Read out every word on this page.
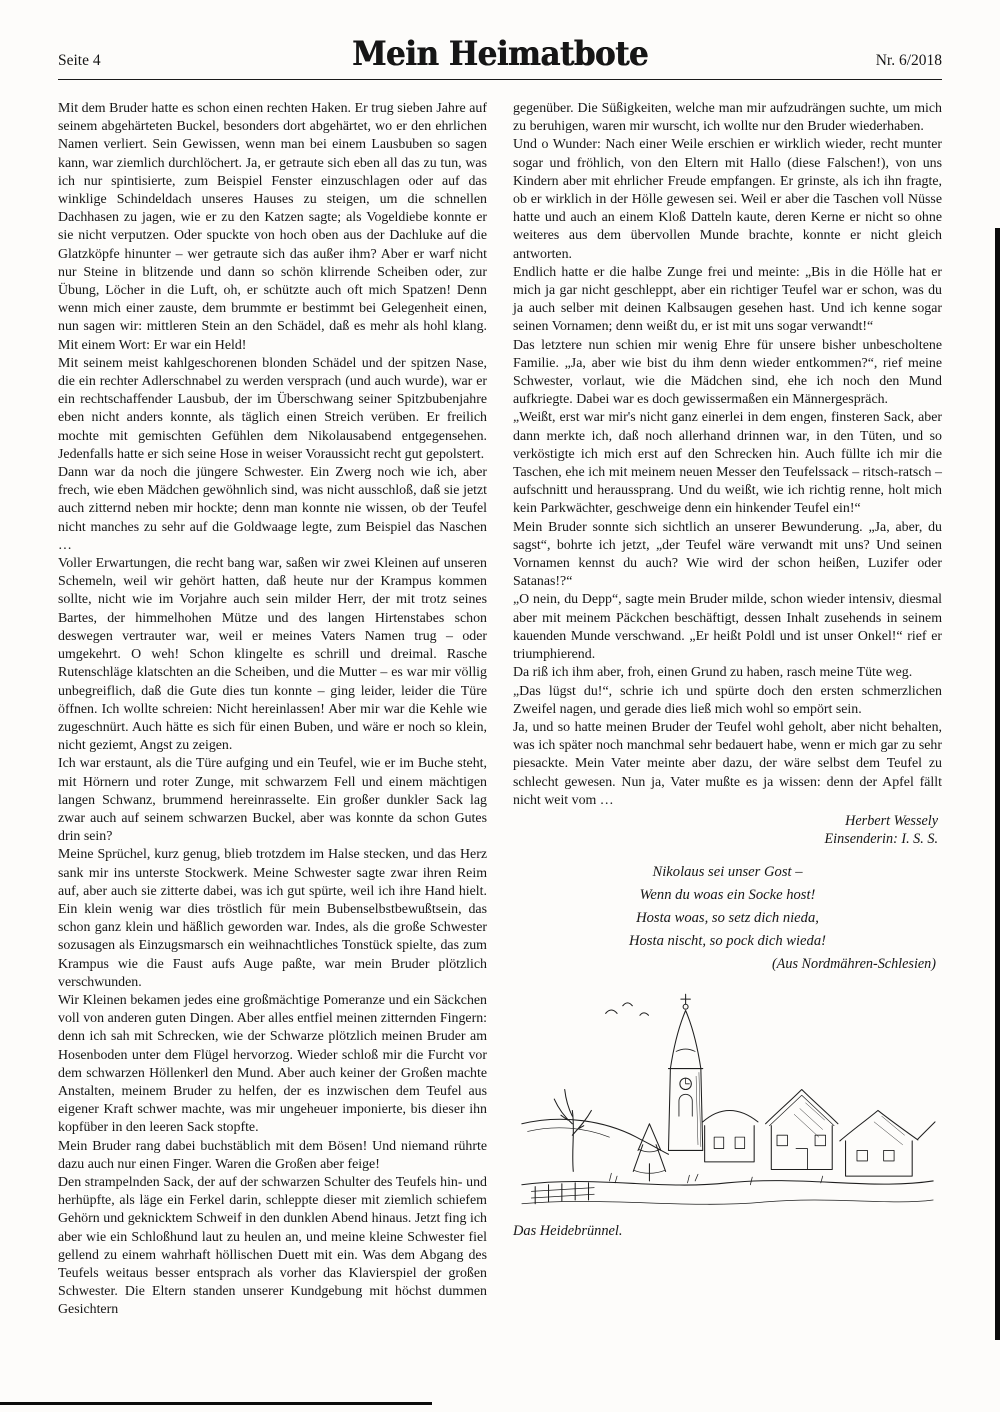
Seite 4	Mein Heimatbote	Nr. 6/2018

Mit dem Bruder hatte es schon einen rechten Haken. Er trug sieben Jahre auf seinem abgehärteten Buckel, besonders dort abgehärtet, wo er den ehrlichen Namen verliert. Sein Gewissen, wenn man bei einem Lausbuben so sagen kann, war ziemlich durchlöchert. Ja, er getraute sich eben all das zu tun, was ich nur spintisierte, zum Beispiel Fenster einzuschlagen oder auf das winklige Schindeldach unseres Hauses zu steigen, um die schnellen Dachhasen zu jagen, wie er zu den Katzen sagte; als Vogeldiebe konnte er sie nicht verputzen. Oder spuckte von hoch oben aus der Dachluke auf die Glatzköpfe hinunter – wer getraute sich das außer ihm? Aber er warf nicht nur Steine in blitzende und dann so schön klirrende Scheiben oder, zur Übung, Löcher in die Luft, oh, er schützte auch oft mich Spatzen! Denn wenn mich einer zauste, dem brummte er bestimmt bei Gelegenheit einen, nun sagen wir: mittleren Stein an den Schädel, daß es mehr als hohl klang. Mit einem Wort: Er war ein Held!

Mit seinem meist kahlgeschorenen blonden Schädel und der spitzen Nase, die ein rechter Adlerschnabel zu werden versprach (und auch wurde), war er ein rechtschaffender Lausbub, der im Überschwang seiner Spitzbubenjahre eben nicht anders konnte, als täglich einen Streich verüben. Er freilich mochte mit gemischten Gefühlen dem Nikolausabend entgegensehen. Jedenfalls hatte er sich seine Hose in weiser Voraussicht recht gut gepolstert.

Dann war da noch die jüngere Schwester. Ein Zwerg noch wie ich, aber frech, wie eben Mädchen gewöhnlich sind, was nicht ausschloß, daß sie jetzt auch zitternd neben mir hockte; denn man konnte nie wissen, ob der Teufel nicht manches zu sehr auf die Goldwaage legte, zum Beispiel das Naschen …

Voller Erwartungen, die recht bang war, saßen wir zwei Kleinen auf unseren Schemeln, weil wir gehört hatten, daß heute nur der Krampus kommen sollte, nicht wie im Vorjahre auch sein milder Herr, der mit trotz seines Bartes, der himmelhohen Mütze und des langen Hirtenstabes schon deswegen vertrauter war, weil er meines Vaters Namen trug – oder umgekehrt. O weh! Schon klingelte es schrill und dreimal. Rasche Rutenschläge klatschten an die Scheiben, und die Mutter – es war mir völlig unbegreiflich, daß die Gute dies tun konnte – ging leider, leider die Türe öffnen. Ich wollte schreien: Nicht hereinlassen! Aber mir war die Kehle wie zugeschnürt. Auch hätte es sich für einen Buben, und wäre er noch so klein, nicht geziemt, Angst zu zeigen.

Ich war erstaunt, als die Türe aufging und ein Teufel, wie er im Buche steht, mit Hörnern und roter Zunge, mit schwarzem Fell und einem mächtigen langen Schwanz, brummend hereinrasselte. Ein großer dunkler Sack lag zwar auch auf seinem schwarzen Buckel, aber was konnte da schon Gutes drin sein?

Meine Sprüchel, kurz genug, blieb trotzdem im Halse stecken, und das Herz sank mir ins unterste Stockwerk. Meine Schwester sagte zwar ihren Reim auf, aber auch sie zitterte dabei, was ich gut spürte, weil ich ihre Hand hielt. Ein klein wenig war dies tröstlich für mein Bubenselbstbewußtsein, das schon ganz klein und häßlich geworden war. Indes, als die große Schwester sozusagen als Einzugsmarsch ein weihnachtliches Tonstück spielte, das zum Krampus wie die Faust aufs Auge paßte, war mein Bruder plötzlich verschwunden.

Wir Kleinen bekamen jedes eine großmächtige Pomeranze und ein Säckchen voll von anderen guten Dingen. Aber alles entfiel meinen zitternden Fingern: denn ich sah mit Schrecken, wie der Schwarze plötzlich meinen Bruder am Hosenboden unter dem Flügel hervorzog. Wieder schloß mir die Furcht vor dem schwarzen Höllenkerl den Mund. Aber auch keiner der Großen machte Anstalten, meinem Bruder zu helfen, der es inzwischen dem Teufel aus eigener Kraft schwer machte, was mir ungeheuer imponierte, bis dieser ihn kopfüber in den leeren Sack stopfte.

Mein Bruder rang dabei buchstäblich mit dem Bösen! Und niemand rührte dazu auch nur einen Finger. Waren die Großen aber feige!

Den strampelnden Sack, der auf der schwarzen Schulter des Teufels hin- und herhüpfte, als läge ein Ferkel darin, schleppte dieser mit ziemlich schiefem Gehörn und geknicktem Schweif in den dunklen Abend hinaus. Jetzt fing ich aber wie ein Schloßhund laut zu heulen an, und meine kleine Schwester fiel gellend zu einem wahrhaft höllischen Duett mit ein. Was dem Abgang des Teufels weitaus besser entsprach als vorher das Klavierspiel der großen Schwester. Die Eltern standen unserer Kundgebung mit höchst dummen Gesichtern

gegenüber. Die Süßigkeiten, welche man mir aufzudrängen suchte, um mich zu beruhigen, waren mir wurscht, ich wollte nur den Bruder wiederhaben.

Und o Wunder: Nach einer Weile erschien er wirklich wieder, recht munter sogar und fröhlich, von den Eltern mit Hallo (diese Falschen!), von uns Kindern aber mit ehrlicher Freude empfangen. Er grinste, als ich ihn fragte, ob er wirklich in der Hölle gewesen sei. Weil er aber die Taschen voll Nüsse hatte und auch an einem Kloß Datteln kaute, deren Kerne er nicht so ohne weiteres aus dem übervollen Munde brachte, konnte er nicht gleich antworten.

Endlich hatte er die halbe Zunge frei und meinte: „Bis in die Hölle hat er mich ja gar nicht geschleppt, aber ein richtiger Teufel war er schon, was du ja auch selber mit deinen Kalbsaugen gesehen hast. Und ich kenne sogar seinen Vornamen; denn weißt du, er ist mit uns sogar verwandt!“

Das letztere nun schien mir wenig Ehre für unsere bisher unbescholtene Familie. „Ja, aber wie bist du ihm denn wieder entkommen?“, rief meine Schwester, vorlaut, wie die Mädchen sind, ehe ich noch den Mund aufkriegte. Dabei war es doch gewissermaßen ein Männergespräch.

„Weißt, erst war mir's nicht ganz einerlei in dem engen, finsteren Sack, aber dann merkte ich, daß noch allerhand drinnen war, in den Tüten, und so verköstigte ich mich erst auf den Schrecken hin. Auch füllte ich mir die Taschen, ehe ich mit meinem neuen Messer den Teufelssack – ritsch-ratsch – aufschnitt und heraussprang. Und du weißt, wie ich richtig renne, holt mich kein Parkwächter, geschweige denn ein hinkender Teufel ein!“

Mein Bruder sonnte sich sichtlich an unserer Bewunderung. „Ja, aber, du sagst“, bohrte ich jetzt, „der Teufel wäre verwandt mit uns? Und seinen Vornamen kennst du auch? Wie wird der schon heißen, Luzifer oder Satanas!?“

„O nein, du Depp“, sagte mein Bruder milde, schon wieder intensiv, diesmal aber mit meinem Päckchen beschäftigt, dessen Inhalt zusehends in seinem kauenden Munde verschwand. „Er heißt Poldl und ist unser Onkel!“ rief er triumphierend.

Da riß ich ihm aber, froh, einen Grund zu haben, rasch meine Tüte weg.

„Das lügst du!“, schrie ich und spürte doch den ersten schmerzlichen Zweifel nagen, und gerade dies ließ mich wohl so empört sein.

Ja, und so hatte meinen Bruder der Teufel wohl geholt, aber nicht behalten, was ich später noch manchmal sehr bedauert habe, wenn er mich gar zu sehr piesackte. Mein Vater meinte aber dazu, der wäre selbst dem Teufel zu schlecht gewesen. Nun ja, Vater mußte es ja wissen: denn der Apfel fällt nicht weit vom …

Herbert Wessely

Einsenderin: I. S. S.

Nikolaus sei unser Gost –

Wenn du woas ein Socke host!

Hosta woas, so setz dich nieda,

Hosta nischt, so pock dich wieda!

(Aus Nordmähren-Schlesien)

Das Heidebrünnel.
